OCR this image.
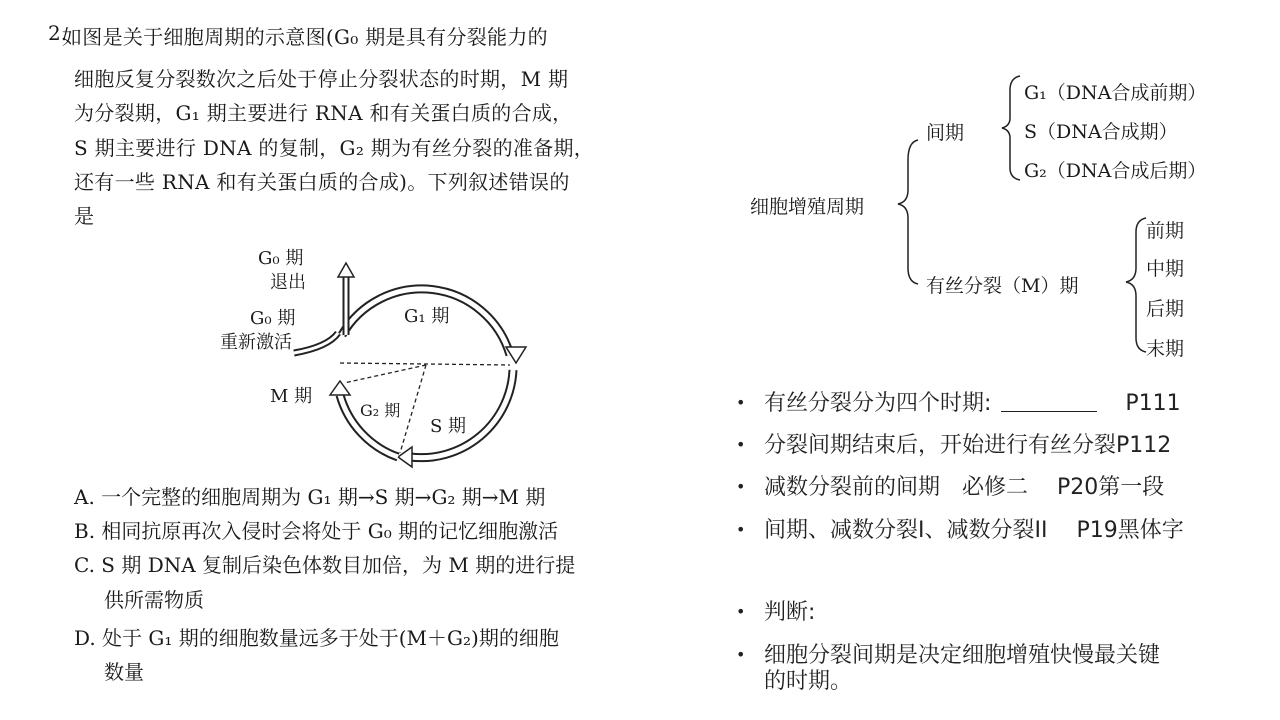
2.
如图是关于细胞周期的示意图(G₀ 期是具有分裂能力的
细胞反复分裂数次之后处于停止分裂状态的时期，M 期
为分裂期，G₁ 期主要进行 RNA 和有关蛋白质的合成，
S 期主要进行 DNA 的复制，G₂ 期为有丝分裂的准备期，
还有一些 RNA 和有关蛋白质的合成)。下列叙述错误的
是
G₀ 期
退出
G₀ 期
重新激活
G₁ 期
M 期
G₂ 期
S 期
A. 一个完整的细胞周期为 G₁ 期→S 期→G₂ 期→M 期
B. 相同抗原再次入侵时会将处于 G₀ 期的记忆细胞激活
C. S 期 DNA 复制后染色体数目加倍，为 M 期的进行提
供所需物质
D. 处于 G₁ 期的细胞数量远多于处于(M＋G₂)期的细胞
数量
细胞增殖周期
间期
G₁（DNA合成前期）
S（DNA合成期）
G₂（DNA合成后期）
有丝分裂（M）期
前期
中期
后期
末期
• 有丝分裂分为四个时期:	P111
• 分裂间期结束后，开始进行有丝分裂P112
• 减数分裂前的间期　必修二　 P20第一段
• 间期、减数分裂I、减数分裂II　 P19黑体字
• 判断:
• 细胞分裂间期是决定细胞增殖快慢最关键
的时期。
